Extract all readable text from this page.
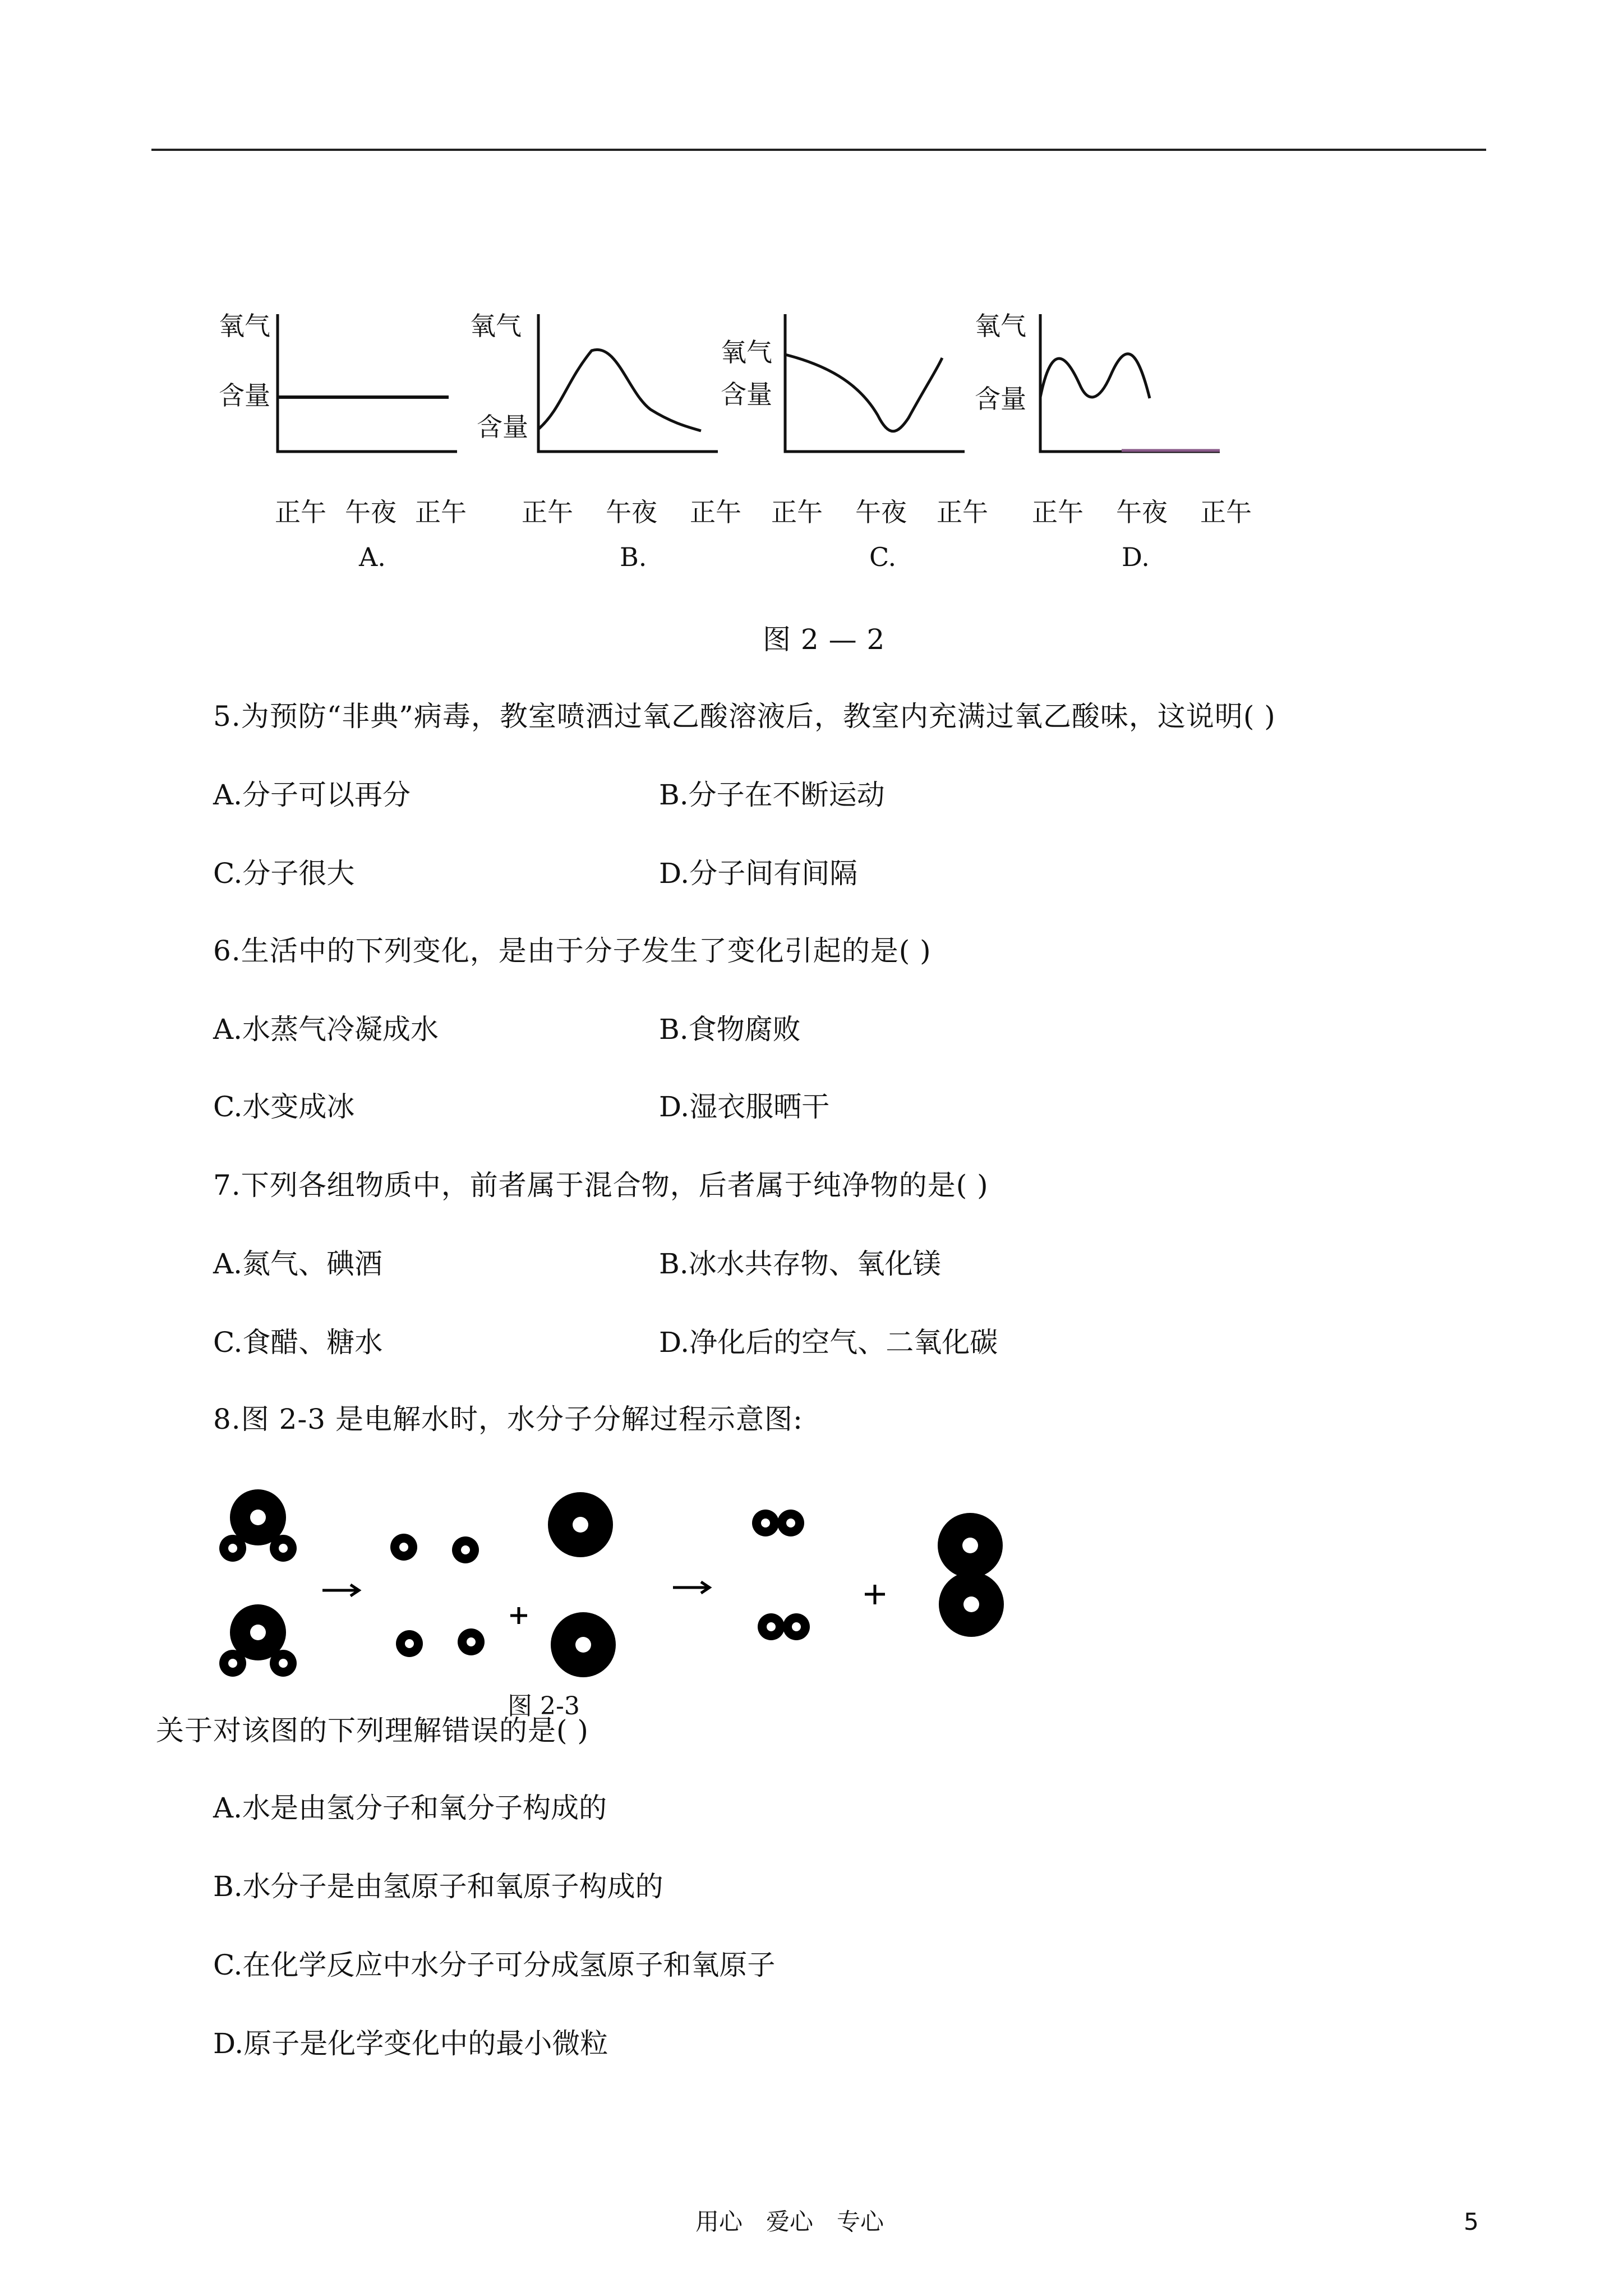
氧气
含量
正午 午夜 正午
A.
氧气
含量
正午 午夜 正午
B.
氧气
含量
正午 午夜 正午
C.
氧气
含量
正午 午夜 正午
D.
图 2 — 2
5.为预防“非典”病毒，教室喷洒过氧乙酸溶液后，教室内充满过氧乙酸味，这说明( )
A.分子可以再分	B.分子在不断运动
C.分子很大	D.分子间有间隔
6.生活中的下列变化，是由于分子发生了变化引起的是( )
A.水蒸气冷凝成水	B.食物腐败
C.水变成冰	D.湿衣服晒干
7.下列各组物质中，前者属于混合物，后者属于纯净物的是( )
A.氮气、碘酒	B.冰水共存物、氧化镁
C.食醋、糖水	D.净化后的空气、二氧化碳
8.图 2-3 是电解水时，水分子分解过程示意图:
图 2-3
关于对该图的下列理解错误的是( )
A.水是由氢分子和氧分子构成的
B.水分子是由氢原子和氧原子构成的
C.在化学反应中水分子可分成氢原子和氧原子
D.原子是化学变化中的最小微粒
用心　爱心　专心	5
